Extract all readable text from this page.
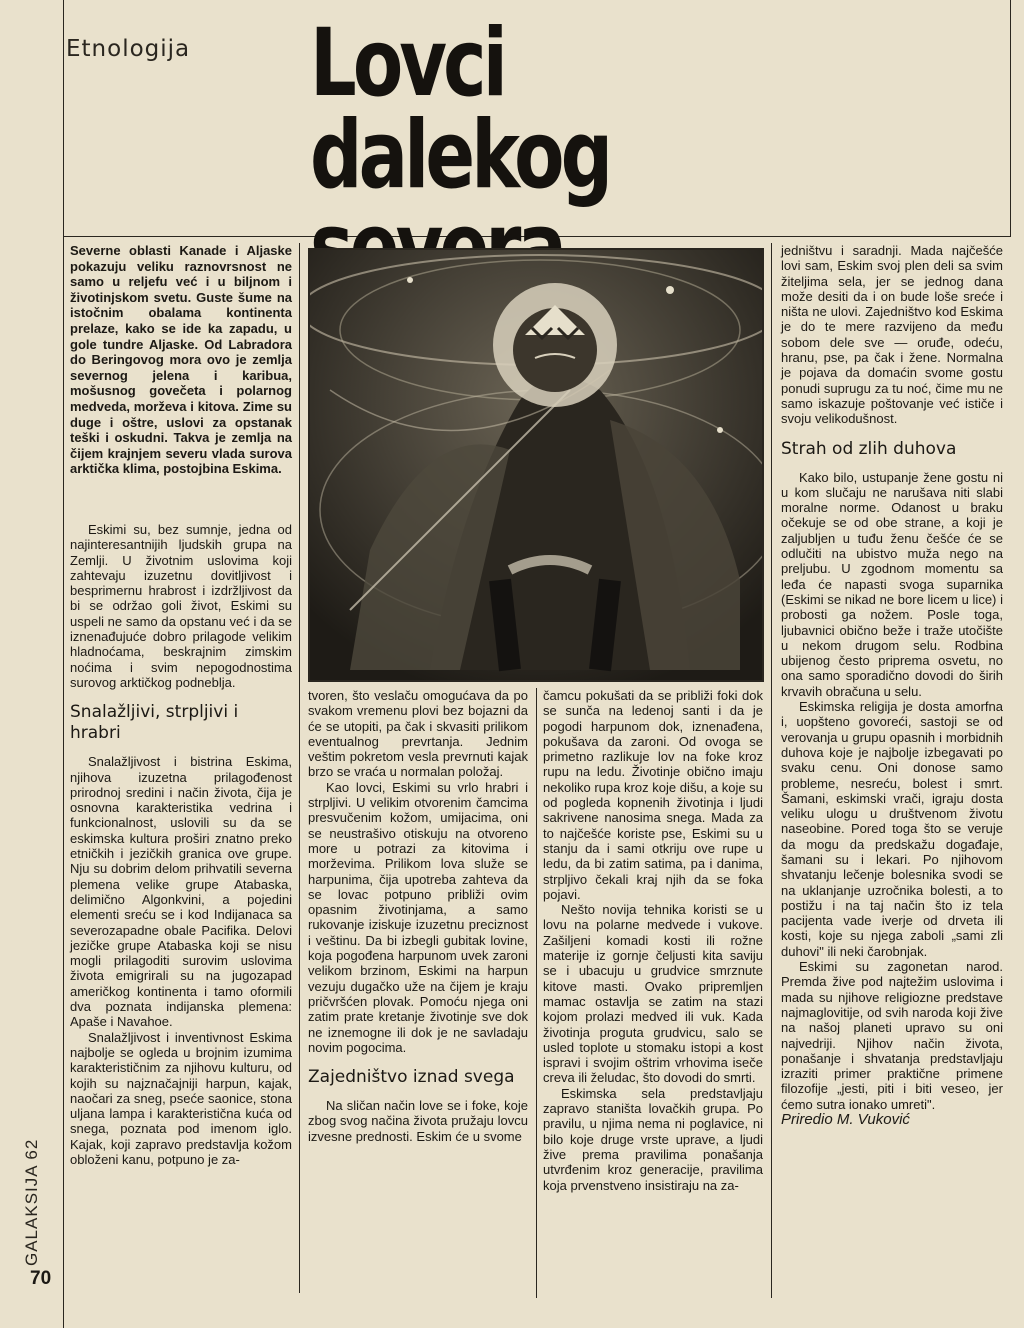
Etnologija Lovci
dalekog
Severne oblasti Kanade i Aljaske pokazuju veliku raznovrsnost ne samo u reljefu već i u biljnom i životinjskom svetu. Guste šume na istočnim obalama kontinenta prelaze, kako se ide ka zapadu, u gole tundre Aljaske. Od Labradora do Beringovog mora ovo je zemlja severnog jelena i karibua, mošusnog govečeta i polarnog medveda, morževa i kitova. Zime su duge i oštre, uslovi za opstanak teški i oskudni. Takva je zemlja na čijem krajnjem severu vlada surova arktička klima, postojbina Eskima.

Eskimi su, bez sumnje, jedna od najinteresantnijih ljudskih grupa na Zemlji. U životnim uslovima koji zahtevaju izuzetnu dovitljivost i besprimernu hrabrost i izdržljivost da bi se održao goli život, Eskimi su uspeli ne samo da opstanu već i da se iznenađujuće dobro prilagode velikim hladnoćama, beskrajnim zimskim noćima i svim nepogodnostima surovog arktičkog podneblja.

Snalažljivi, strpljivi i hrabri

Snalažljivost i bistrina Eskima, njihova izuzetna prilagođenost prirodnoj sredini i način života, čija je osnovna karakteristika vedrina i funkcionalnost, uslovili su da se eskimska kultura proširi znatno preko etničkih i jezičkih granica ove grupe. Nju su dobrim delom prihvatili severna plemena velike grupe Atabaska, delimično Algonkvini, a pojedini elementi sreću se i kod Indijanaca sa severozapadne obale Pacifika. Delovi jezičke grupe Atabaska koji se nisu mogli prilagoditi surovim uslovima života emigrirali su na jugozapad američkog kontinenta i tamo oformili dva poznata indijanska plemena: Apaše i Navahoe.

Snalažljivost i inventivnost Eskima najbolje se ogleda u brojnim izumima karakterističnim za njihovu kulturu, od kojih su najznačajniji harpun, kajak, naočari za sneg, pseće saonice, stona uljana lampa i karakteristična kuća od snega, poznata pod imenom iglo. Kajak, koji zapravo predstavlja kožom obloženi kanu, potpuno je za-

tvoren, što veslaču omogućava da po svakom vremenu plovi bez bojazni da će se utopiti, pa čak i skvasiti prilikom eventualnog prevrtanja. Jednim veštim pokretom vesla prevrnuti kajak brzo se vraća u normalan položaj.

Kao lovci, Eskimi su vrlo hrabri i strpljivi. U velikim otvorenim čamcima presvučenim kožom, umijacima, oni se neustrašivo otiskuju na otvoreno more u potrazi za kitovima i morževima. Prilikom lova služe se harpunima, čija upotreba zahteva da se lovac potpuno približi ovim opasnim životinjama, a samo rukovanje iziskuje izuzetnu preciznost i veštinu. Da bi izbegli gubitak lovine, koja pogođena harpunom uvek zaroni velikom brzinom, Eskimi na harpun vezuju dugačko uže na čijem je kraju pričvršćen plovak. Pomoću njega oni zatim prate kretanje životinje sve dok ne iznemogne ili dok je ne savladaju novim pogocima.

Zajedništvo iznad svega

Na sličan način love se i foke, koje zbog svog načina života pružaju lovcu izvesne prednosti. Eskim će u svome

čamcu pokušati da se približi foki dok se sunča na ledenoj santi i da je pogodi harpunom dok, iznenađena, pokušava da zaroni. Od ovoga se primetno razlikuje lov na foke kroz rupu na ledu. Životinje obično imaju nekoliko rupa kroz koje dišu, a koje su od pogleda kopnenih životinja i ljudi sakrivene nanosima snega. Mada za to najčešće koriste pse, Eskimi su u stanju da i sami otkriju ove rupe u ledu, da bi zatim satima, pa i danima, strpljivo čekali kraj njih da se foka pojavi.

Nešto novija tehnika koristi se u lovu na polarne medvede i vukove. Zašiljeni komadi kosti ili rožne materije iz gornje čeljusti kita saviju se i ubacuju u grudvice smrznute kitove masti. Ovako pripremljen mamac ostavlja se zatim na stazi kojom prolazi medved ili vuk. Kada životinja proguta grudvicu, salo se usled toplote u stomaku istopi a kost ispravi i svojim oštrim vrhovima iseče creva ili želudac, što dovodi do smrti.

Eskimska sela predstavljaju zapravo staništa lovačkih grupa. Po pravilu, u njima nema ni poglavice, ni bilo koje druge vrste uprave, a ljudi žive prema pravilima ponašanja utvrđenim kroz generacije, pravilima koja prvenstveno insistiraju na za-

jedništvu i saradnji. Mada najčešće lovi sam, Eskim svoj plen deli sa svim žiteljima sela, jer se jednog dana može desiti da i on bude loše sreće i ništa ne ulovi. Zajedništvo kod Eskima je do te mere razvijeno da među sobom dele sve — oruđe, odeću, hranu, pse, pa čak i žene. Normalna je pojava da domaćin svome gostu ponudi suprugu za tu noć, čime mu ne samo iskazuje poštovanje već ističe i svoju velikodušnost.

Strah od zlih duhova

Kako bilo, ustupanje žene gostu ni u kom slučaju ne narušava niti slabi moralne norme. Odanost u braku očekuje se od obe strane, a koji je zaljubljen u tuđu ženu češće će se odlučiti na ubistvo muža nego na preljubu. U zgodnom momentu sa leđa će napasti svoga suparnika (Eskimi se nikad ne bore licem u lice) i probosti ga nožem. Posle toga, ljubavnici obično beže i traže utočište u nekom drugom selu. Rodbina ubijenog često priprema osvetu, no ona samo sporadično dovodi do širih krvavih obračuna u selu.

Eskimska religija je dosta amorfna i, uopšteno govoreći, sastoji se od verovanja u grupu opasnih i morbidnih duhova koje je najbolje izbegavati po svaku cenu. Oni donose samo probleme, nesreću, bolest i smrt. Šamani, eskimski vrači, igraju dosta veliku ulogu u društvenom životu naseobine. Pored toga što se veruje da mogu da predskažu događaje, šamani su i lekari. Po njihovom shvatanju lečenje bolesnika svodi se na uklanjanje uzročnika bolesti, a to postižu i na taj način što iz tela pacijenta vade iverje od drveta ili kosti, koje su njega zaboli „sami zli duhovi" ili neki čarobnjak.

Eskimi su zagonetan narod. Premda žive pod najtežim uslovima i mada su njihove religiozne predstave najmaglovitije, od svih naroda koji žive na našoj planeti upravo su oni najvedriji. Njihov način života, ponašanje i shvatanja predstavljaju izraziti primer praktične primene filozofije „jesti, piti i biti veseo, jer ćemo sutra ionako umreti".

Priredio M. Vuković

GALAKSIJA 62
70
